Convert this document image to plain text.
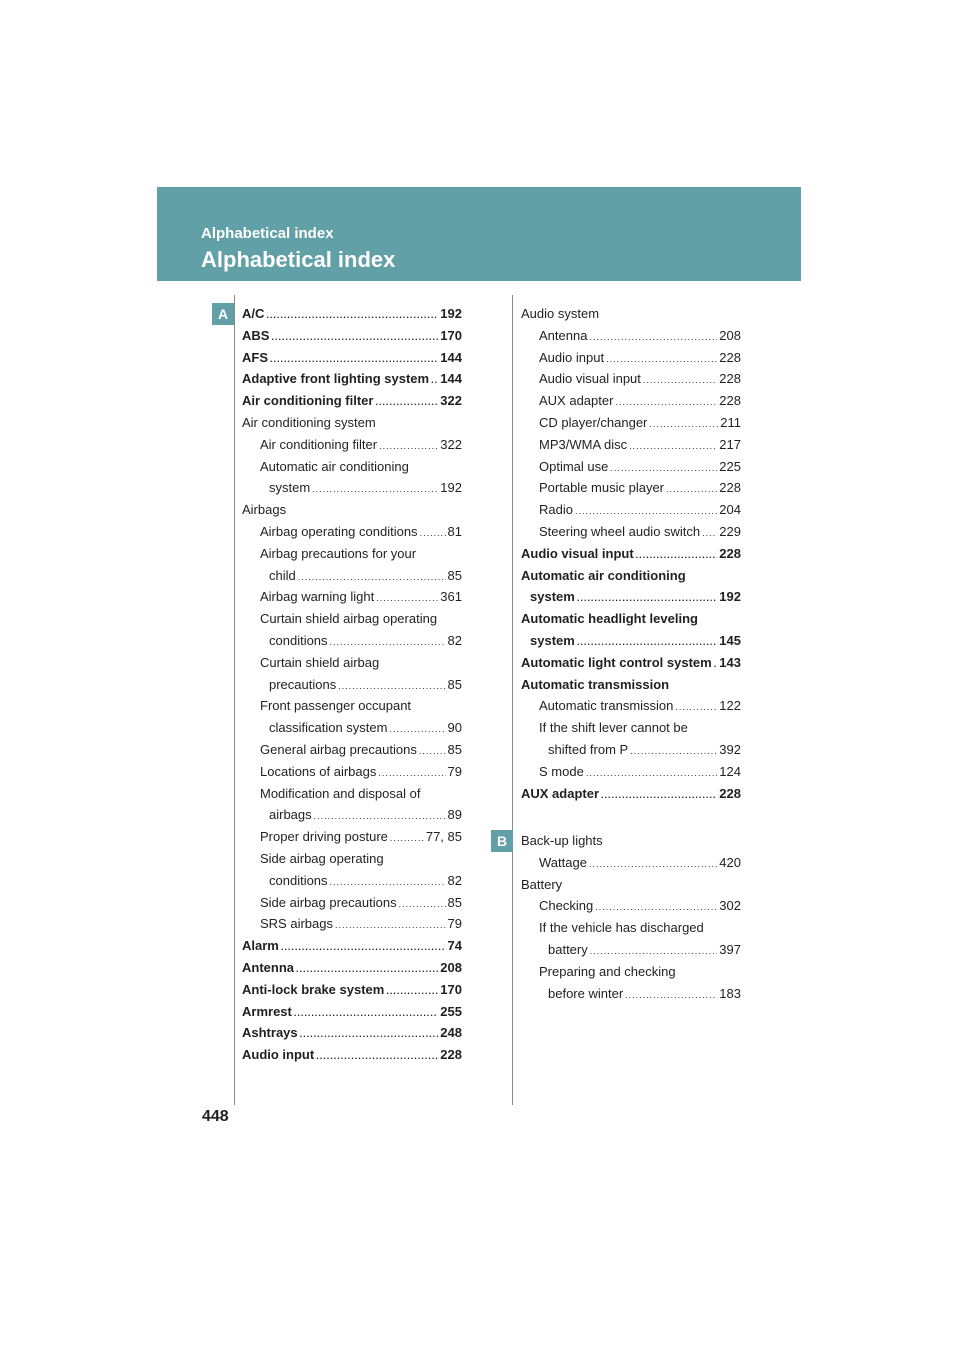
Alphabetical index
Alphabetical index
A
B
A/C .....	192
ABS .....	170
AFS .....	144
Adaptive front lighting system ..... 144
Air conditioning filter .....	322
Air conditioning system
Air conditioning filter .....	322
Automatic air conditioning
system .....	192
Airbags
Airbag operating conditions ..... 81
Airbag precautions for your
child .....	85
Airbag warning light .....	361
Curtain shield airbag operating
conditions .....	82
Curtain shield airbag
precautions .....	85
Front passenger occupant
classification system .....	90
General airbag precautions ..... 85
Locations of airbags .....	79
Modification and disposal of
airbags .....	89
Proper driving posture .....	77, 85
Side airbag operating
conditions .....	82
Side airbag precautions .....	85
SRS airbags .....	79
Alarm .....	74
Antenna .....	208
Anti-lock brake system .....	170
Armrest .....	255
Ashtrays .....	248
Audio input .....	228
Audio system
Antenna .....	208
Audio input .....	228
Audio visual input .....	228
AUX adapter .....	228
CD player/changer .....	211
MP3/WMA disc .....	217
Optimal use .....	225
Portable music player .....	228
Radio .....	204
Steering wheel audio switch ..... 229
Audio visual input .....	228
Automatic air conditioning
system .....	192
Automatic headlight leveling
system .....	145
Automatic light control system ..... 143
Automatic transmission
Automatic transmission .....	122
If the shift lever cannot be
shifted from P .....	392
S mode .....	124
AUX adapter .....	228
Back-up lights
Wattage .....	420
Battery
Checking .....	302
If the vehicle has discharged
battery .....	397
Preparing and checking
before winter .....	183
448
